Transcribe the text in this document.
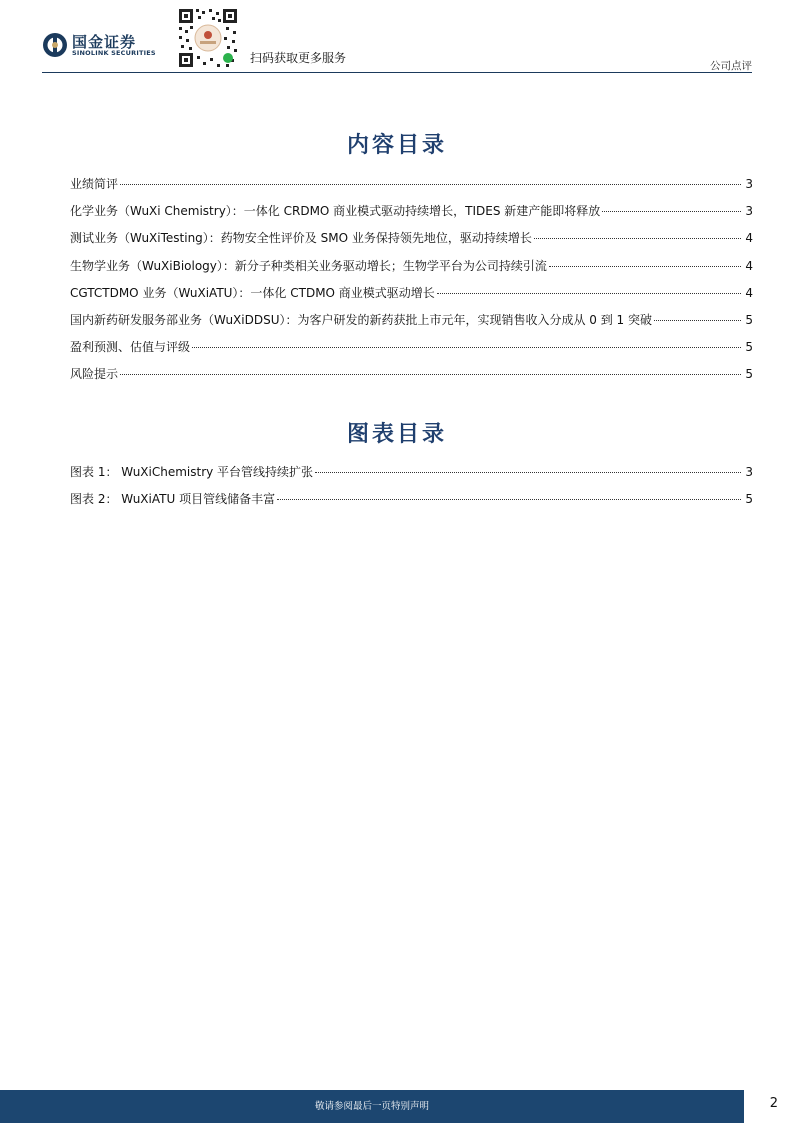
国金证券
SINOLINK SECURITIES	扫码获取更多服务
公司点评
内容目录
业绩简评	3
化学业务（WuXi Chemistry）：一体化 CRDMO 商业模式驱动持续增长，TIDES 新建产能即将释放	3
测试业务（WuXiTesting）：药物安全性评价及 SMO 业务保持领先地位，驱动持续增长	4
生物学业务（WuXiBiology）：新分子种类相关业务驱动增长；生物学平台为公司持续引流	4
CGTCTDMO 业务（WuXiATU）：一体化 CTDMO 商业模式驱动增长	4
国内新药研发服务部业务（WuXiDDSU）：为客户研发的新药获批上市元年，实现销售收入分成从 0 到 1 突破	5
盈利预测、估值与评级	5
风险提示	5
图表目录
图表 1： WuXiChemistry 平台管线持续扩张	3
图表 2： WuXiATU 项目管线储备丰富	5
敬请参阅最后一页特别声明	2
